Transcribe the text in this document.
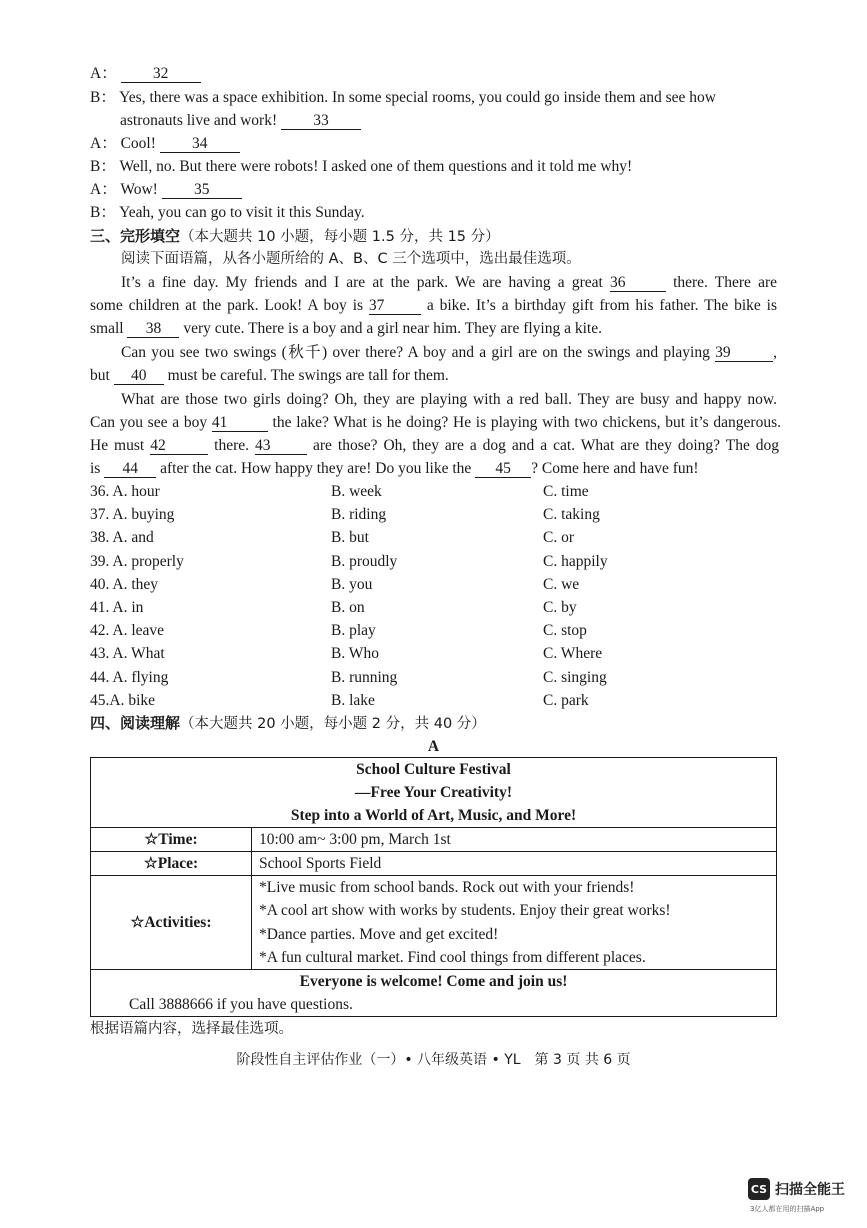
A： 32
B： Yes, there was a space exhibition. In some special rooms, you could go inside them and see how
astronauts live and work! 33
A： Cool! 34
B： Well, no. But there were robots! I asked one of them questions and it told me why!
A： Wow! 35
B： Yeah, you can go to visit it this Sunday.
三、完形填空（本大题共 10 小题，每小题 1.5 分，共 15 分）
阅读下面语篇，从各小题所给的 A、B、C 三个选项中，选出最佳选项。
It’s a fine day. My friends and I are at the park. We are having a great 36	there. There are
some children at the park. Look! A boy is 37	a bike. It’s a birthday gift from his father. The bike is
small 38 very cute. There is a boy and a girl near him. They are flying a kite.
Can you see two swings (秋千) over there? A boy and a girl are on the swings and playing 39	,
but 40 must be careful. The swings are tall for them.
What are those two girls doing? Oh, they are playing with a red ball. They are busy and happy now.
Can you see a boy 41	the lake? What is he doing? He is playing with two chickens, but it’s dangerous.
He must 42	there. 43	are those? Oh, they are a dog and a cat. What are they doing? The dog
is 44 after the cat. How happy they are! Do you like the 45 ? Come here and have fun!
36. A. hour	B. week	C. time
37. A. buying	B. riding	C. taking
38. A. and	B. but	C. or
39. A. properly	B. proudly	C. happily
40. A. they	B. you	C. we
41. A. in	B. on	C. by
42. A. leave	B. play	C. stop
43. A. What	B. Who	C. Where
44. A. flying	B. running	C. singing
45.A. bike	B. lake	C. park
四、阅读理解（本大题共 20 小题，每小题 2 分，共 40 分）
A
School Culture Festival
—Free Your Creativity!
Step into a World of Art, Music, and More!	

☆Time:	10:00 am~ 3:00 pm, March 1st
☆Place:	School Sports Field
☆Activities:	*Live music from school bands. Rock out with your friends!
*A cool art show with works by students. Enjoy their great works!
*Dance parties. Move and get excited!
*A fun cultural market. Find cool things from different places.

Everyone is welcome! Come and join us!
Call 3888666 if you have questions.	
根据语篇内容，选择最佳选项。
阶段性自主评估作业（一）• 八年级英语 • YL　第 3 页 共 6 页
CS 扫描全能王
3亿人都在用的扫描App
